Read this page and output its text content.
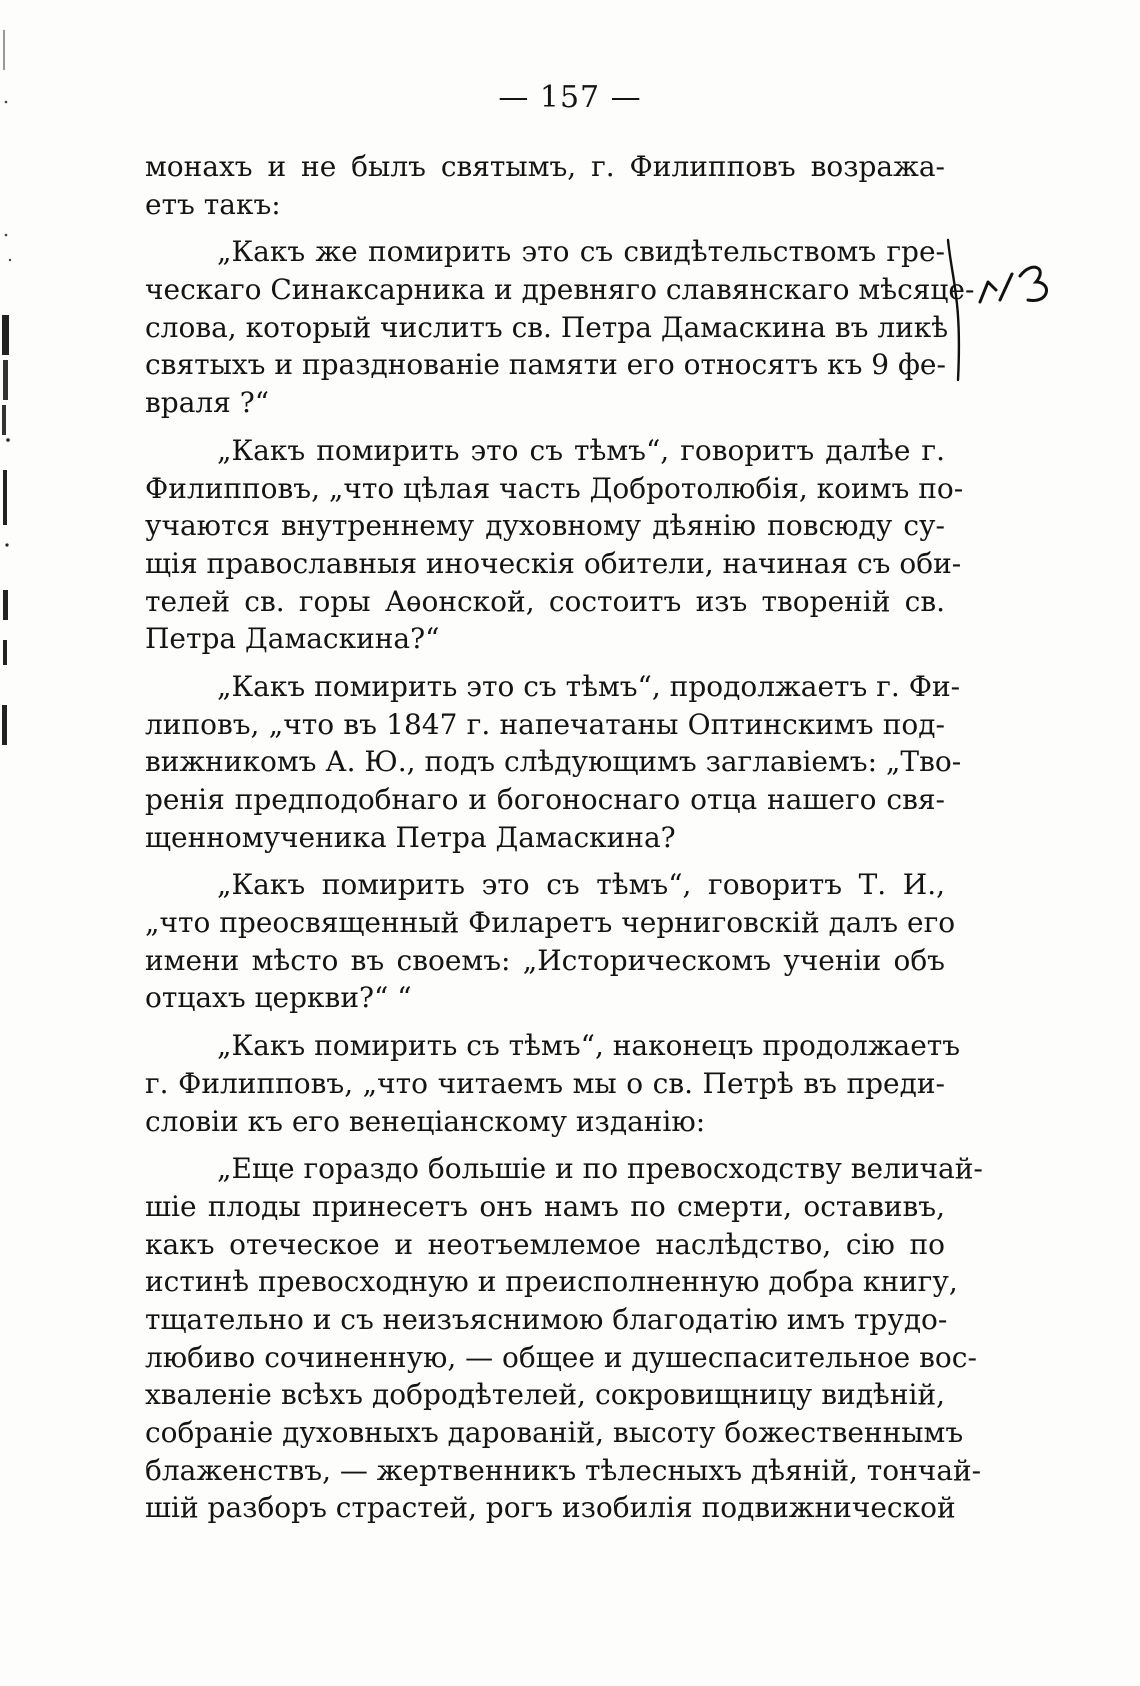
— 157 —
монахъ и не былъ святымъ, г. Филипповъ возража-
етъ такъ:
„Какъ же помирить это съ свидѣтельствомъ гре-
ческаго Синаксарника и древняго славянскаго мѣсяце-
слова, который числитъ св. Петра Дамаскина въ ликѣ
святыхъ и празднованіе памяти его относятъ къ 9 фе-
враля ?“
„Какъ помирить это съ тѣмъ“, говоритъ далѣе г.
Филипповъ, „что цѣлая часть Добротолюбія, коимъ по-
учаются внутреннему духовному дѣянію повсюду су-
щія православныя иноческія обители, начиная съ оби-
телей св. горы Аѳонской, состоитъ изъ твореній св.
Петра Дамаскина?“
„Какъ помирить это съ тѣмъ“, продолжаетъ г. Фи-
липовъ, „что въ 1847 г. напечатаны Оптинскимъ под-
вижникомъ А. Ю., подъ слѣдующимъ заглавіемъ: „Тво-
ренія предподобнаго и богоноснаго отца нашего свя-
щенномученика Петра Дамаскина?
„Какъ помирить это съ тѣмъ“, говоритъ Т. И.,
„что преосвященный Филаретъ черниговскій далъ его
имени мѣсто въ своемъ: „Историческомъ ученіи объ
отцахъ церкви?“ “
„Какъ помирить съ тѣмъ“, наконецъ продолжаетъ
г. Филипповъ, „что читаемъ мы о св. Петрѣ въ преди-
словіи къ его венеціанскому изданію:
„Еще гораздо большіе и по превосходству величай-
шіе плоды принесетъ онъ намъ по смерти, оставивъ,
какъ отеческое и неотъемлемое наслѣдство, сію по
истинѣ превосходную и преисполненную добра книгу,
тщательно и съ неизъяснимою благодатію имъ трудо-
любиво сочиненную, — общее и душеспасительное вос-
хваленіе всѣхъ добродѣтелей, сокровищницу видѣній,
собраніе духовныхъ дарованій, высоту божественнымъ
блаженствъ, — жертвенникъ тѣлесныхъ дѣяній, тончай-
шій разборъ страстей, рогъ изобилія подвижнической
